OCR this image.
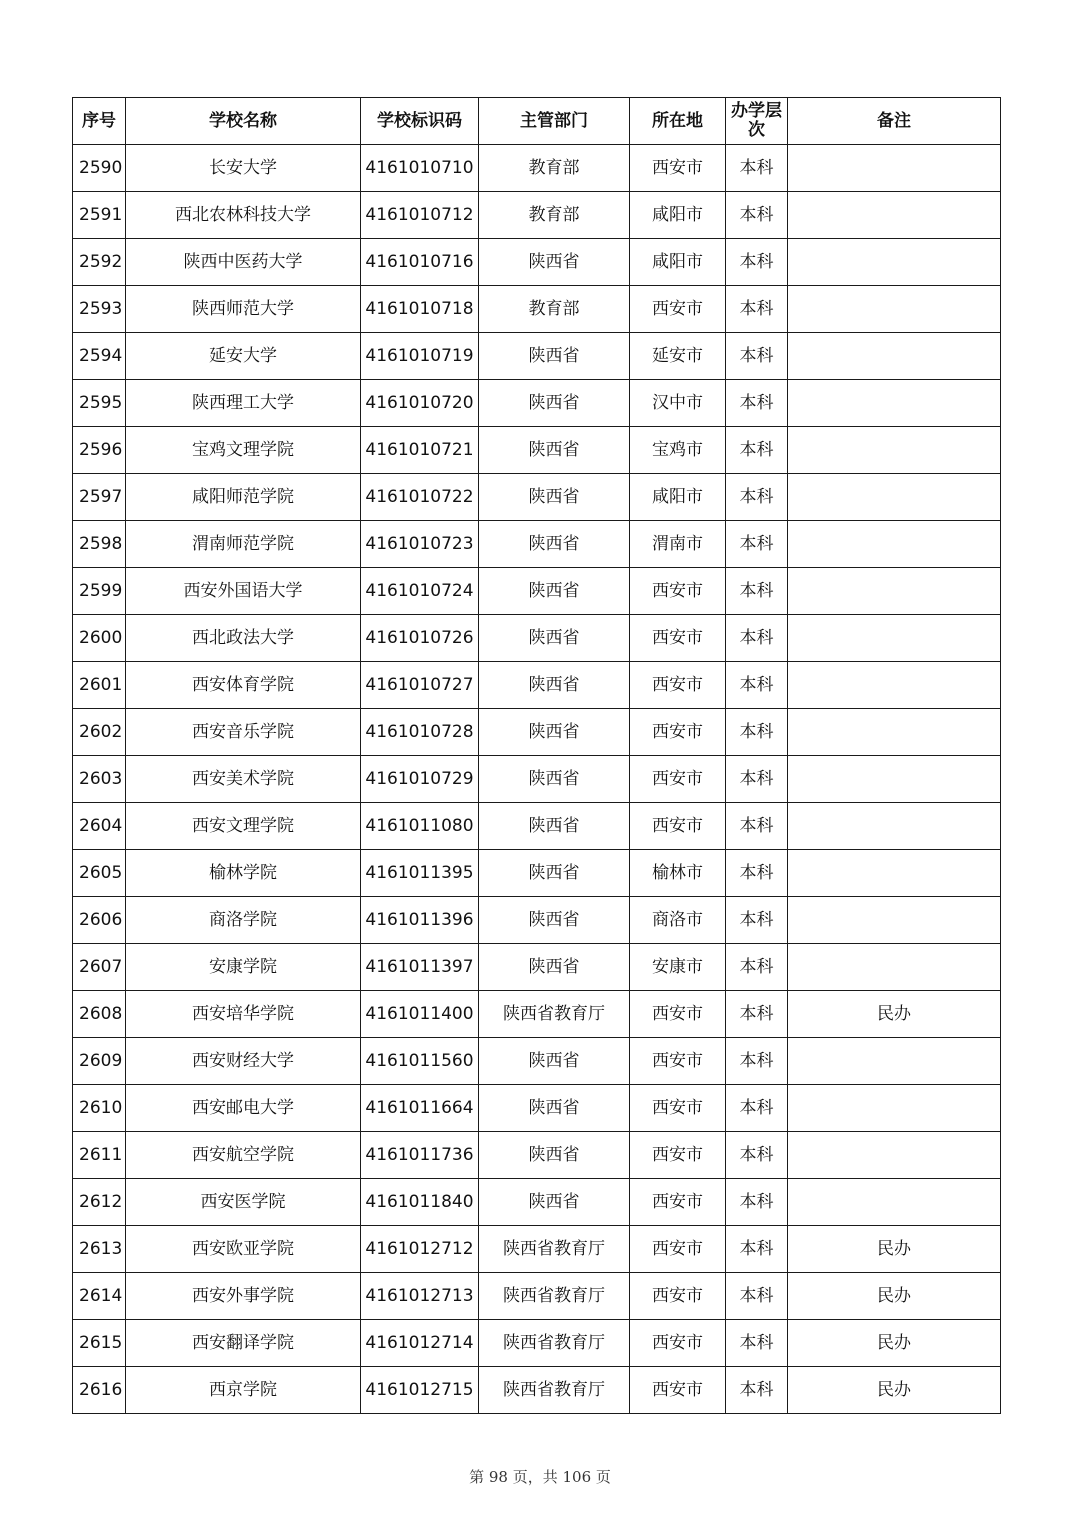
序号	学校名称	学校标识码	主管部门	所在地	办学层次	备注
2590	长安大学	4161010710	教育部	西安市	本科	
2591	西北农林科技大学	4161010712	教育部	咸阳市	本科	
2592	陕西中医药大学	4161010716	陕西省	咸阳市	本科	
2593	陕西师范大学	4161010718	教育部	西安市	本科	
2594	延安大学	4161010719	陕西省	延安市	本科	
2595	陕西理工大学	4161010720	陕西省	汉中市	本科	
2596	宝鸡文理学院	4161010721	陕西省	宝鸡市	本科	
2597	咸阳师范学院	4161010722	陕西省	咸阳市	本科	
2598	渭南师范学院	4161010723	陕西省	渭南市	本科	
2599	西安外国语大学	4161010724	陕西省	西安市	本科	
2600	西北政法大学	4161010726	陕西省	西安市	本科	
2601	西安体育学院	4161010727	陕西省	西安市	本科	
2602	西安音乐学院	4161010728	陕西省	西安市	本科	
2603	西安美术学院	4161010729	陕西省	西安市	本科	
2604	西安文理学院	4161011080	陕西省	西安市	本科	
2605	榆林学院	4161011395	陕西省	榆林市	本科	
2606	商洛学院	4161011396	陕西省	商洛市	本科	
2607	安康学院	4161011397	陕西省	安康市	本科	
2608	西安培华学院	4161011400	陕西省教育厅	西安市	本科	民办
2609	西安财经大学	4161011560	陕西省	西安市	本科	
2610	西安邮电大学	4161011664	陕西省	西安市	本科	
2611	西安航空学院	4161011736	陕西省	西安市	本科	
2612	西安医学院	4161011840	陕西省	西安市	本科	
2613	西安欧亚学院	4161012712	陕西省教育厅	西安市	本科	民办
2614	西安外事学院	4161012713	陕西省教育厅	西安市	本科	民办
2615	西安翻译学院	4161012714	陕西省教育厅	西安市	本科	民办
2616	西京学院	4161012715	陕西省教育厅	西安市	本科	民办
第 98 页，共 106 页
